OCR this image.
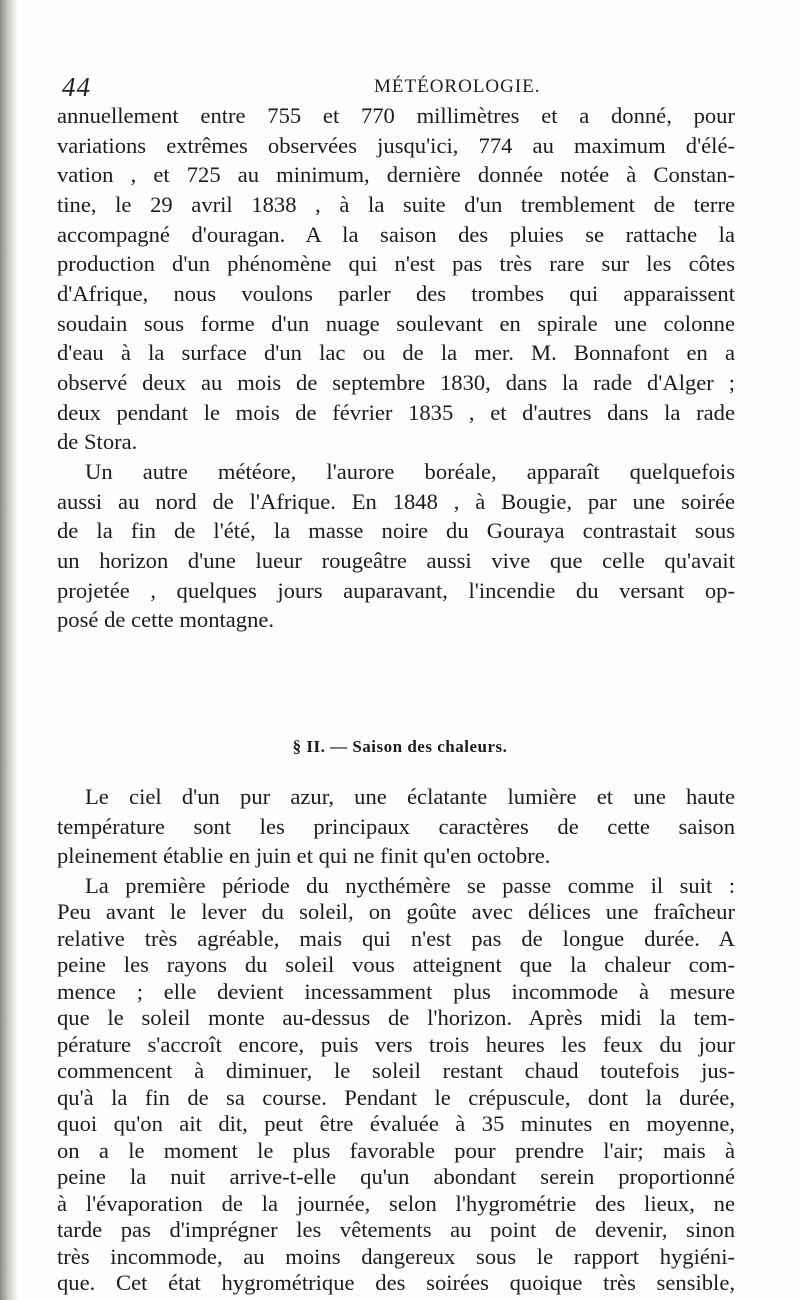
44	MÉTÉOROLOGIE.
annuellement entre 755 et 770 millimètres et a donné, pour
variations extrêmes observées jusqu'ici, 774 au maximum d'élé-
vation , et 725 au minimum, dernière donnée notée à Constan-
tine, le 29 avril 1838 , à la suite d'un tremblement de terre
accompagné d'ouragan. A la saison des pluies se rattache la
production d'un phénomène qui n'est pas très rare sur les côtes
d'Afrique, nous voulons parler des trombes qui apparaissent
soudain sous forme d'un nuage soulevant en spirale une colonne
d'eau à la surface d'un lac ou de la mer. M. Bonnafont en a
observé deux au mois de septembre 1830, dans la rade d'Alger ;
deux pendant le mois de février 1835 , et d'autres dans la rade
de Stora.
Un autre météore, l'aurore boréale, apparaît quelquefois
aussi au nord de l'Afrique. En 1848 , à Bougie, par une soirée
de la fin de l'été, la masse noire du Gouraya contrastait sous
un horizon d'une lueur rougeâtre aussi vive que celle qu'avait
projetée , quelques jours auparavant, l'incendie du versant op-
posé de cette montagne.
§ II. — Saison des chaleurs.
Le ciel d'un pur azur, une éclatante lumière et une haute
température sont les principaux caractères de cette saison
pleinement établie en juin et qui ne finit qu'en octobre.
La première période du nycthémère se passe comme il suit :
Peu avant le lever du soleil, on goûte avec délices une fraîcheur
relative très agréable, mais qui n'est pas de longue durée. A
peine les rayons du soleil vous atteignent que la chaleur com-
mence ; elle devient incessamment plus incommode à mesure
que le soleil monte au-dessus de l'horizon. Après midi la tem-
pérature s'accroît encore, puis vers trois heures les feux du jour
commencent à diminuer, le soleil restant chaud toutefois jus-
qu'à la fin de sa course. Pendant le crépuscule, dont la durée,
quoi qu'on ait dit, peut être évaluée à 35 minutes en moyenne,
on a le moment le plus favorable pour prendre l'air; mais à
peine la nuit arrive-t-elle qu'un abondant serein proportionné
à l'évaporation de la journée, selon l'hygrométrie des lieux, ne
tarde pas d'imprégner les vêtements au point de devenir, sinon
très incommode, au moins dangereux sous le rapport hygiéni-
que. Cet état hygrométrique des soirées quoique très sensible,
